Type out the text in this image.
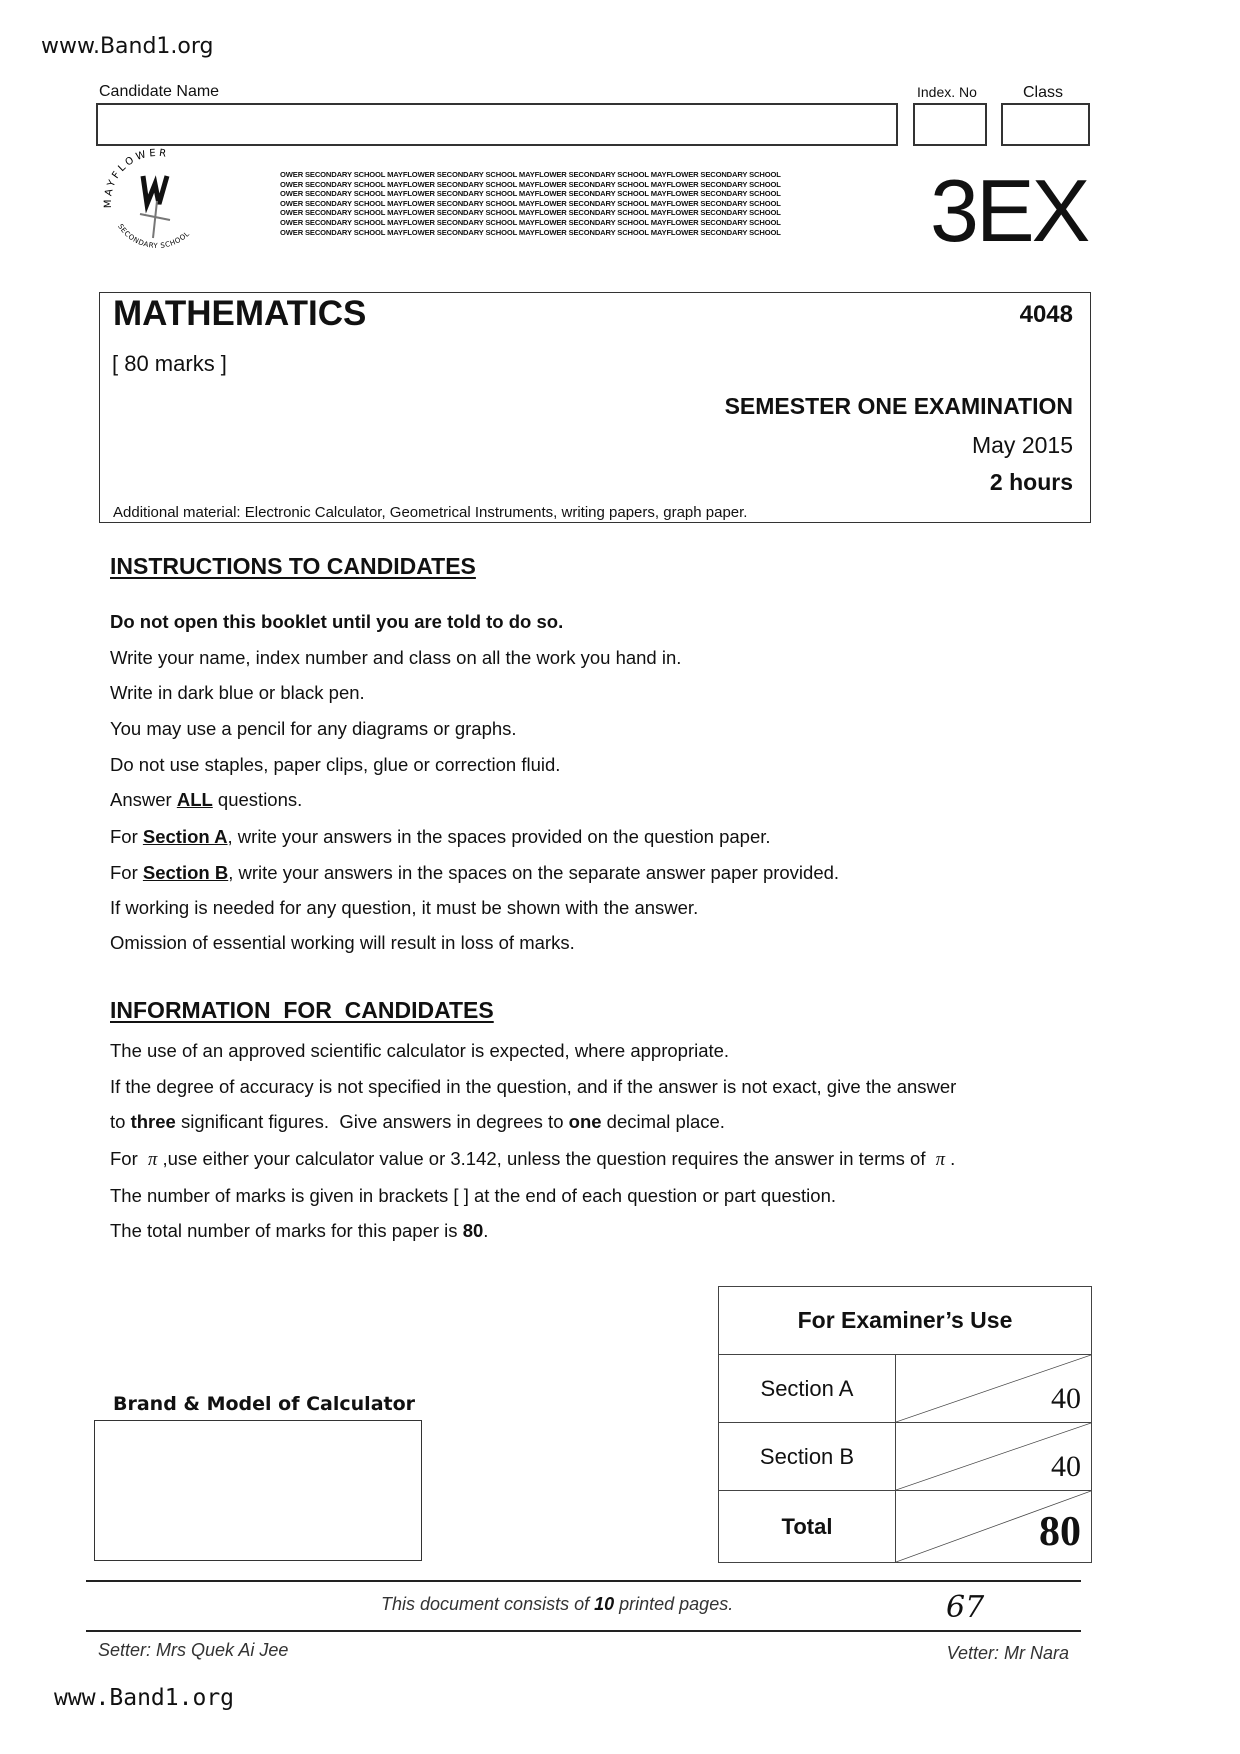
www.Band1.org
Candidate Name	Index. No	Class
MAYFLOWER
SECONDARY SCHOOL
OWER SECONDARY SCHOOL MAYFLOWER SECONDARY SCHOOL MAYFLOWER SECONDARY SCHOOL MAYFLOWER SECONDARY SCHOOL
OWER SECONDARY SCHOOL MAYFLOWER SECONDARY SCHOOL MAYFLOWER SECONDARY SCHOOL MAYFLOWER SECONDARY SCHOOL
OWER SECONDARY SCHOOL MAYFLOWER SECONDARY SCHOOL MAYFLOWER SECONDARY SCHOOL MAYFLOWER SECONDARY SCHOOL
OWER SECONDARY SCHOOL MAYFLOWER SECONDARY SCHOOL MAYFLOWER SECONDARY SCHOOL MAYFLOWER SECONDARY SCHOOL
OWER SECONDARY SCHOOL MAYFLOWER SECONDARY SCHOOL MAYFLOWER SECONDARY SCHOOL MAYFLOWER SECONDARY SCHOOL
OWER SECONDARY SCHOOL MAYFLOWER SECONDARY SCHOOL MAYFLOWER SECONDARY SCHOOL MAYFLOWER SECONDARY SCHOOL
OWER SECONDARY SCHOOL MAYFLOWER SECONDARY SCHOOL MAYFLOWER SECONDARY SCHOOL MAYFLOWER SECONDARY SCHOOL	3EX
MATHEMATICS	4048
[ 80 marks ]
SEMESTER ONE EXAMINATION
May 2015
2 hours
Additional material: Electronic Calculator, Geometrical Instruments, writing papers, graph paper.
INSTRUCTIONS TO CANDIDATES
Do not open this booklet until you are told to do so.
Write your name, index number and class on all the work you hand in.
Write in dark blue or black pen.
You may use a pencil for any diagrams or graphs.
Do not use staples, paper clips, glue or correction fluid.
Answer ALL questions.
For Section A, write your answers in the spaces provided on the question paper.
For Section B, write your answers in the spaces on the separate answer paper provided.
If working is needed for any question, it must be shown with the answer.
Omission of essential working will result in loss of marks.
INFORMATION  FOR  CANDIDATES
The use of an approved scientific calculator is expected, where appropriate.
If the degree of accuracy is not specified in the question, and if the answer is not exact, give the answer
to three significant figures.  Give answers in degrees to one decimal place.
For  π ,use either your calculator value or 3.142, unless the question requires the answer in terms of  π .
The number of marks is given in brackets [ ] at the end of each question or part question.
The total number of marks for this paper is 80.
Brand & Model of Calculator
For Examiner’s Use	
Section A	40
Section B	40
Total	80
This document consists of 10 printed pages.	67
Setter: Mrs Quek Ai Jee	Vetter: Mr Nara
www.Band1.org
